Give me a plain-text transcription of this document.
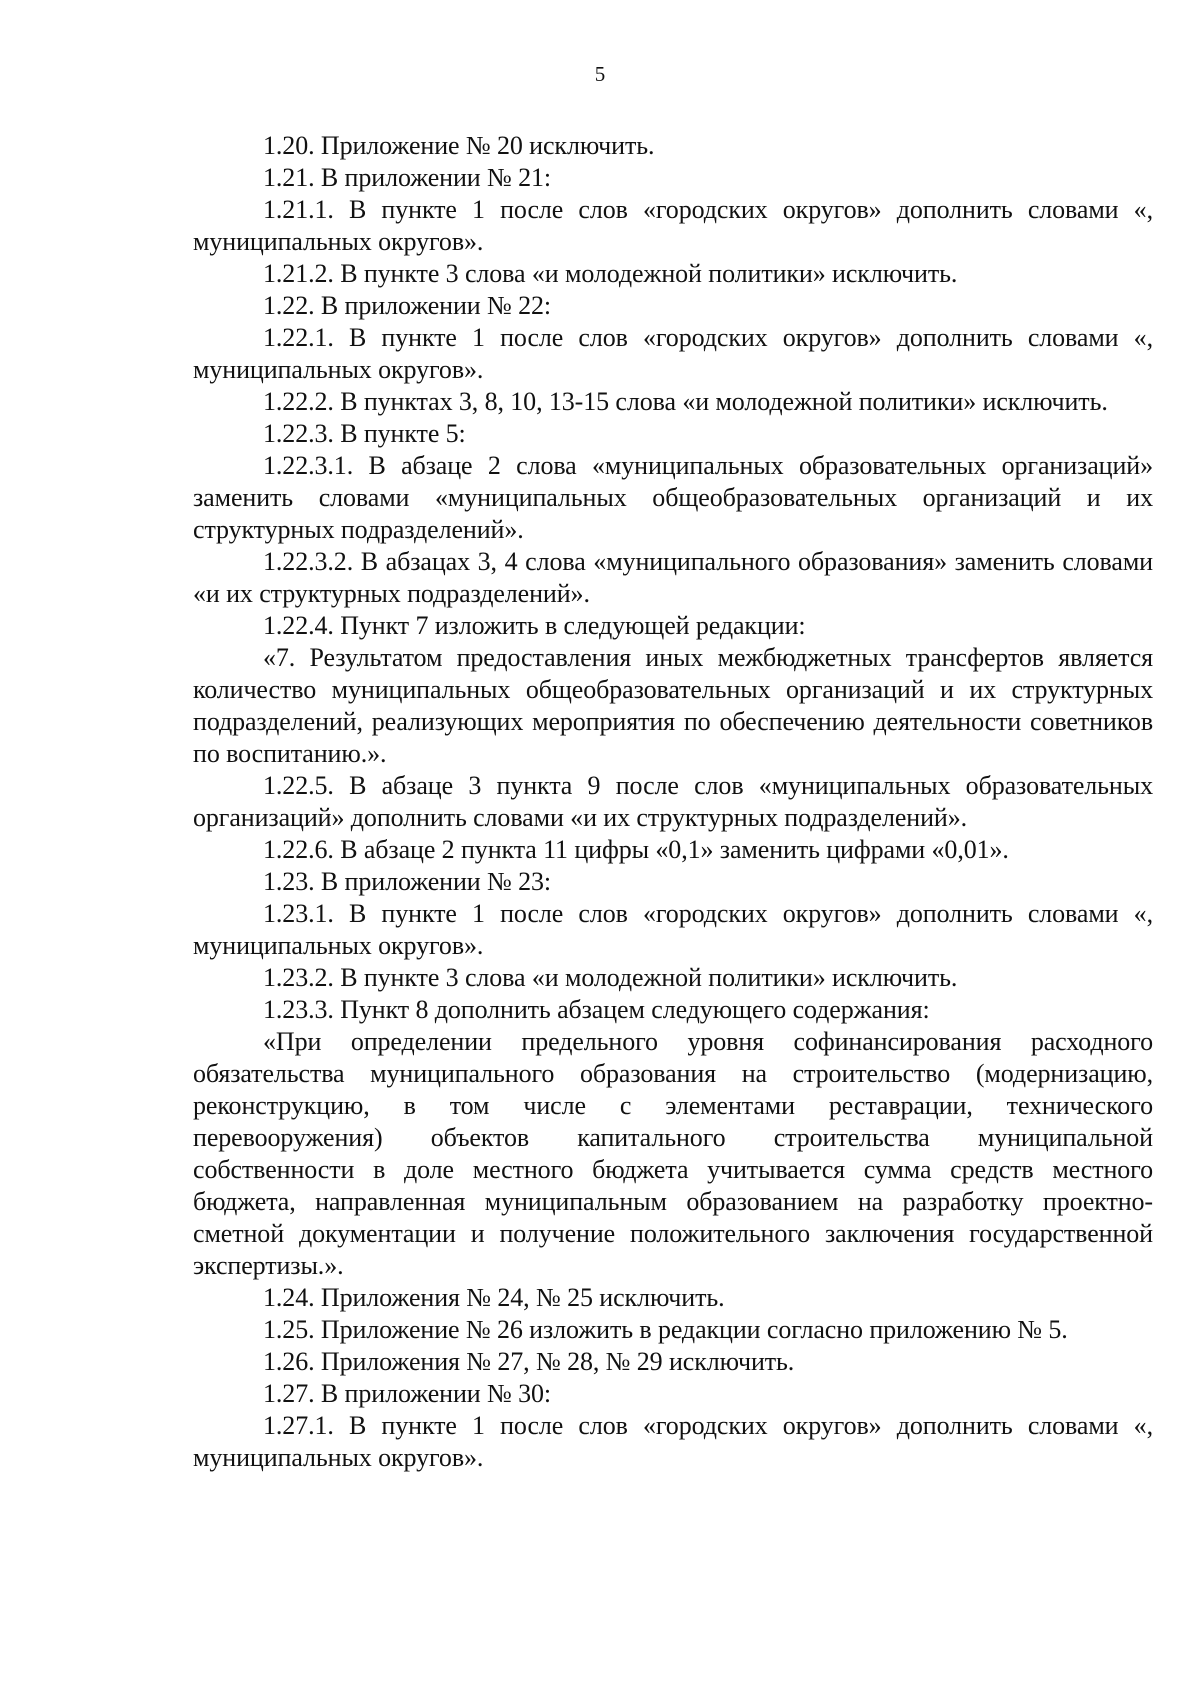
5

1.20. Приложение № 20 исключить.

1.21. В приложении № 21:

1.21.1. В пункте 1 после слов «городских округов» дополнить словами «, муниципальных округов».

1.21.2. В пункте 3 слова «и молодежной политики» исключить.

1.22. В приложении № 22:

1.22.1. В пункте 1 после слов «городских округов» дополнить словами «, муниципальных округов».

1.22.2. В пунктах 3, 8, 10, 13-15 слова «и молодежной политики» исключить.

1.22.3. В пункте 5:

1.22.3.1. В абзаце 2 слова «муниципальных образовательных организаций» заменить словами «муниципальных общеобразовательных организаций и их структурных подразделений».

1.22.3.2. В абзацах 3, 4 слова «муниципального образования» заменить словами «и их структурных подразделений».

1.22.4. Пункт 7 изложить в следующей редакции:

«7. Результатом предоставления иных межбюджетных трансфертов является количество муниципальных общеобразовательных организаций и их структурных подразделений, реализующих мероприятия по обеспечению деятельности советников по воспитанию.».

1.22.5. В абзаце 3 пункта 9 после слов «муниципальных образовательных организаций» дополнить словами «и их структурных подразделений».

1.22.6. В абзаце 2 пункта 11 цифры «0,1» заменить цифрами «0,01».

1.23. В приложении № 23:

1.23.1. В пункте 1 после слов «городских округов» дополнить словами «, муниципальных округов».

1.23.2. В пункте 3 слова «и молодежной политики» исключить.

1.23.3. Пункт 8 дополнить абзацем следующего содержания:

«При определении предельного уровня софинансирования расходного обязательства муниципального образования на строительство (модернизацию, реконструкцию, в том числе с элементами реставрации, технического перевооружения) объектов капитального строительства муниципальной собственности в доле местного бюджета учитывается сумма средств местного бюджета, направленная муниципальным образованием на разработку проектно-сметной документации и получение положительного заключения государственной экспертизы.».

1.24. Приложения № 24, № 25 исключить.

1.25. Приложение № 26 изложить в редакции согласно приложению № 5.

1.26. Приложения № 27, № 28, № 29 исключить.

1.27. В приложении № 30:

1.27.1. В пункте 1 после слов «городских округов» дополнить словами «, муниципальных округов».
